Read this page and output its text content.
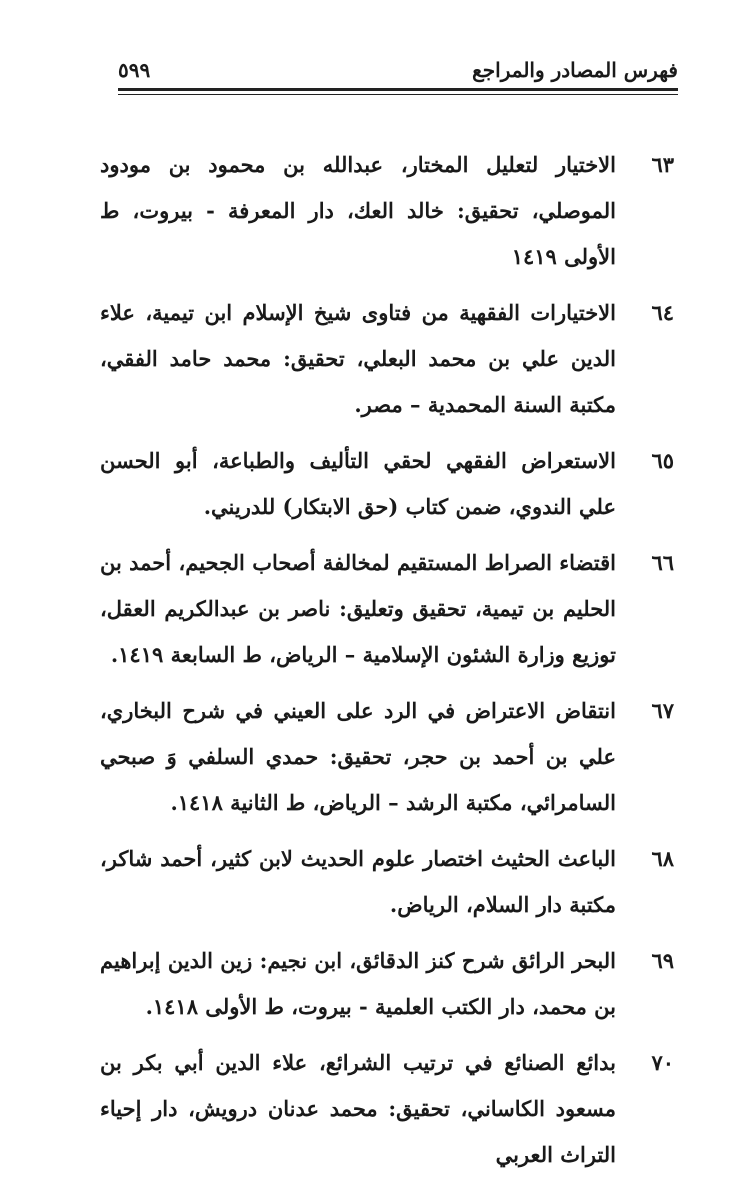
فهرس المصادر والمراجع
٥٩٩
٦٣
الاختيار لتعليل المختار، عبدالله بن محمود بن مودود الموصلي، تحقيق: خالد العك، دار المعرفة - بيروت، ط الأولى ١٤١٩
٦٤
الاختيارات الفقهية من فتاوى شيخ الإسلام ابن تيمية، علاء الدين علي بن محمد البعلي، تحقيق: محمد حامد الفقي، مكتبة السنة المحمدية – مصر.
٦٥
الاستعراض الفقهي لحقي التأليف والطباعة، أبو الحسن علي الندوي، ضمن كتاب (حق الابتكار) للدريني.
٦٦
اقتضاء الصراط المستقيم لمخالفة أصحاب الجحيم، أحمد بن الحليم بن تيمية، تحقيق وتعليق: ناصر بن عبدالكريم العقل، توزيع وزارة الشئون الإسلامية – الرياض، ط السابعة ١٤١٩.
٦٧
انتقاض الاعتراض في الرد على العيني في شرح البخاري، علي بن أحمد بن حجر، تحقيق: حمدي السلفي وَ صبحي السامرائي، مكتبة الرشد – الرياض، ط الثانية ١٤١٨.
٦٨
الباعث الحثيث اختصار علوم الحديث لابن كثير، أحمد شاكر، مكتبة دار السلام، الرياض.
٦٩
البحر الرائق شرح كنز الدقائق، ابن نجيم: زين الدين إبراهيم بن محمد، دار الكتب العلمية - بيروت، ط الأولى ١٤١٨.
٧٠
بدائع الصنائع في ترتيب الشرائع، علاء الدين أبي بكر بن مسعود الكاساني، تحقيق: محمد عدنان درويش، دار إحياء التراث العربي
